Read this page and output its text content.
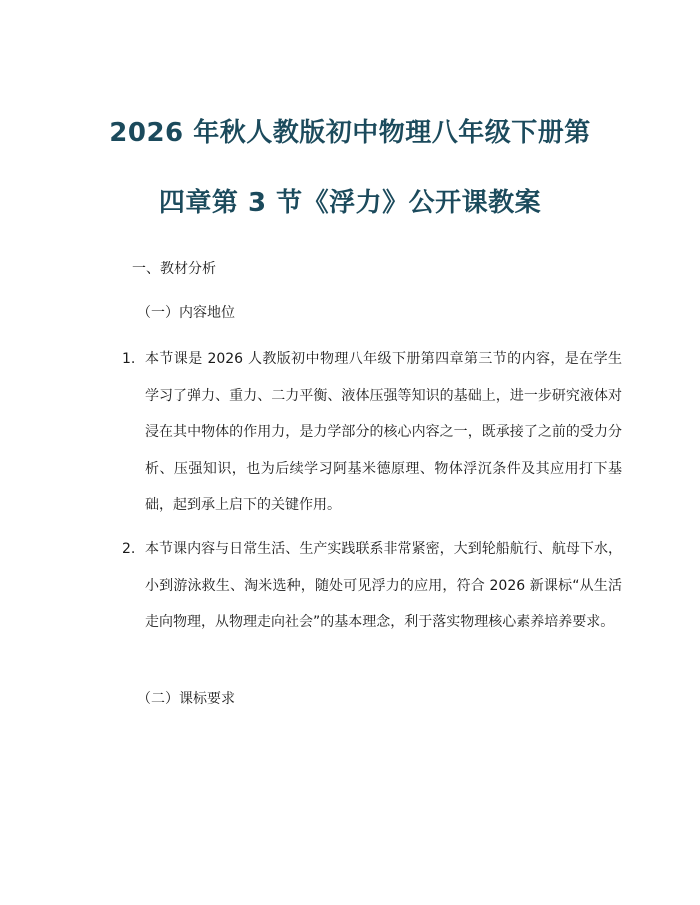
2026 年秋人教版初中物理八年级下册第
四章第 3 节《浮力》公开课教案
一、教材分析
（一）内容地位
1. 本节课是 2026 人教版初中物理八年级下册第四章第三节的内容，是在学生学习了弹力、重力、二力平衡、液体压强等知识的基础上，进一步研究液体对浸在其中物体的作用力，是力学部分的核心内容之一，既承接了之前的受力分析、压强知识，也为后续学习阿基米德原理、物体浮沉条件及其应用打下基础，起到承上启下的关键作用。
2. 本节课内容与日常生活、生产实践联系非常紧密，大到轮船航行、航母下水，小到游泳救生、淘米选种，随处可见浮力的应用，符合 2026 新课标“从生活走向物理，从物理走向社会”的基本理念，利于落实物理核心素养培养要求。
（二）课标要求
